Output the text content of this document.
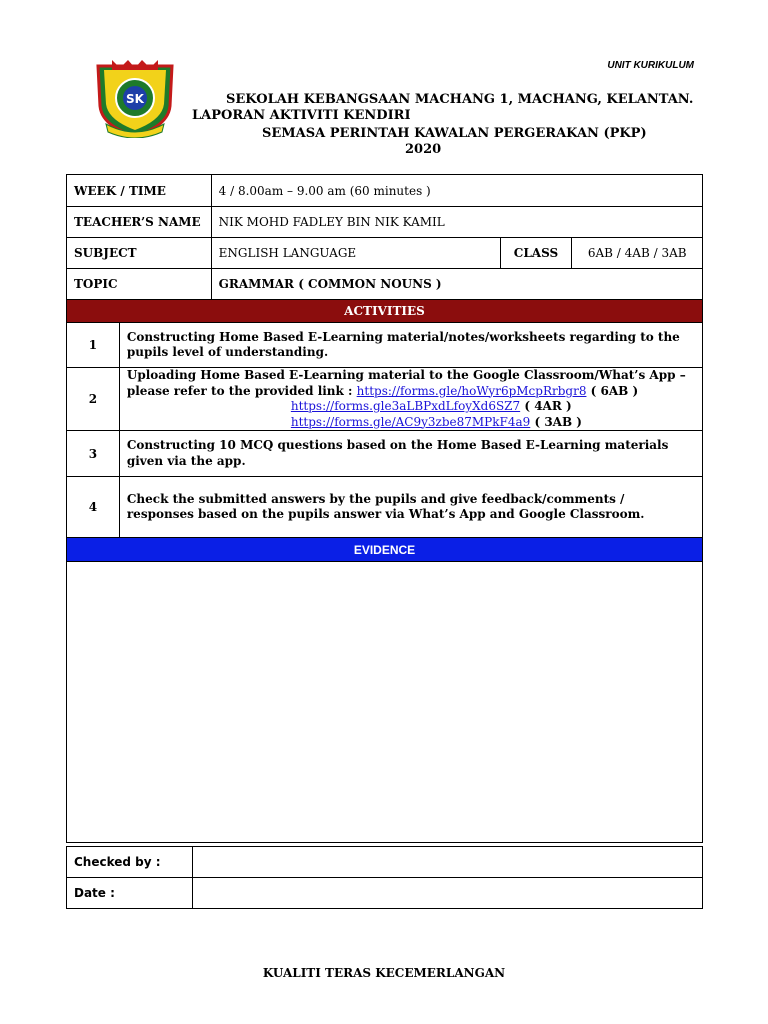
UNIT KURIKULUM
SK	SEKOLAH KEBANGSAAN MACHANG 1, MACHANG, KELANTAN.
LAPORAN AKTIVITI KENDIRI
SEMASA PERINTAH KAWALAN PERGERAKAN (PKP)
2020
WEEK / TIME		4 / 8.00am – 9.00 am (60 minutes )		
TEACHER’S NAME		NIK MOHD FADLEY BIN NIK KAMIL		
SUBJECT		ENGLISH LANGUAGE	CLASS	6AB / 4AB / 3AB
TOPIC		GRAMMAR ( COMMON NOUNS )		
ACTIVITIES				
1	Constructing Home Based E-Learning material/notes/worksheets regarding to the pupils level of understanding.			
2	Uploading Home Based E-Learning material to the Google Classroom/What’s App – please refer to the provided link : https://forms.gle/hoWyr6pMcpRrbgr8 ( 6AB )
https://forms.gle3aLBPxdLfoyXd6SZ7 ( 4AR )
https://forms.gle/AC9y3zbe87MPkF4a9 ( 3AB )			

3	Constructing 10 MCQ questions based on the Home Based E-Learning materials given via the app.			
4	Check the submitted answers by the pupils and give feedback/comments / responses based on the pupils answer via What’s App and Google Classroom.			
EVIDENCE				

Checked by :	
Date :	
KUALITI TERAS KECEMERLANGAN
